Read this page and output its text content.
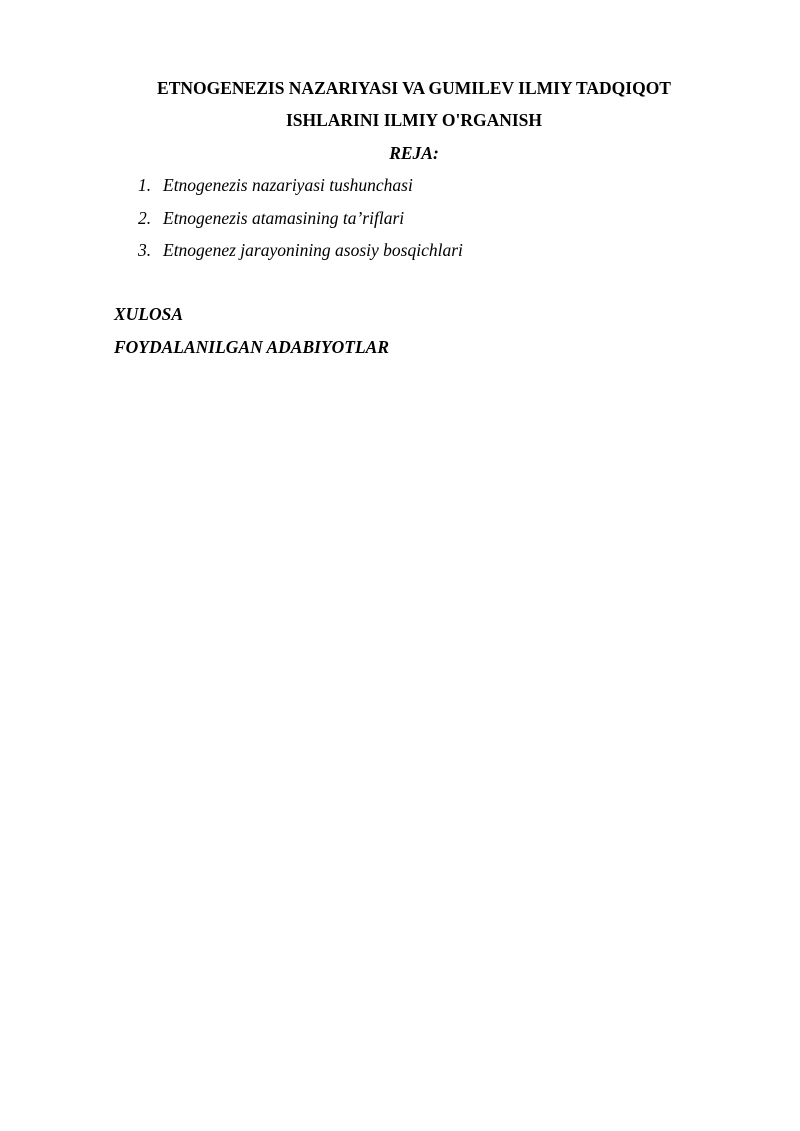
ETNOGENEZIS NAZARIYASI VA GUMILEV ILMIY TADQIQOT
ISHLARINI ILMIY O'RGANISH
REJA:
1. Etnogenezis nazariyasi tushunchasi
2. Etnogenezis atamasining ta’riflari
3. Etnogenez jarayonining asosiy bosqichlari
XULOSA
FOYDALANILGAN ADABIYOTLAR
